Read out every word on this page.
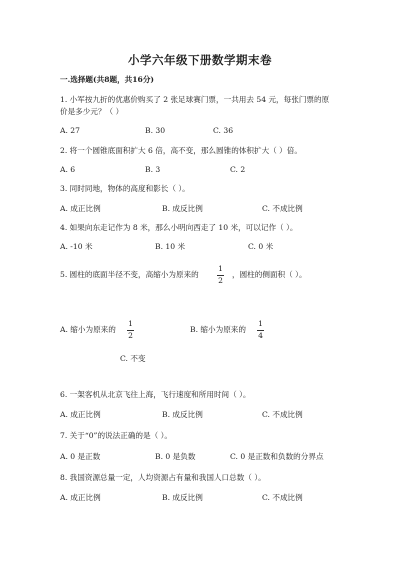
小学六年级下册数学期末卷
一.选择题(共8题，共16分)
1. 小军按九折的优惠价购买了 2 张足球赛门票，一共用去 54 元，每张门票的原
价是多少元？（ ）
A. 27	B. 30	C. 36
2. 将一个圆锥底面积扩大 6 倍，高不变，那么圆锥的体积扩大（ ）倍。
A. 6	B. 3	C. 2
3. 同时同地，物体的高度和影长（ ）。
A. 成正比例	B. 成反比例	C. 不成比例
4. 如果向东走记作为 8 米，那么小明向西走了 10 米，可以记作（ ）。
A. -10 米	B. 10 米	C. 0 米
5. 圆柱的底面半径不变，高缩小为原来的
1
2
，圆柱的侧面积（ ）。
A. 缩小为原来的
1
2
B. 缩小为原来的
1
4
C. 不变
6. 一架客机从北京飞往上海，飞行速度和所用时间（ ）。
A. 成正比例	B. 成反比例	C. 不成比例
7. 关于“0”的说法正确的是（ ）。
A. 0 是正数	B. 0 是负数	C. 0 是正数和负数的分界点
8. 我国资源总量一定，人均资源占有量和我国人口总数（ ）。
A. 成正比例	B. 成反比例	C. 不成比例
